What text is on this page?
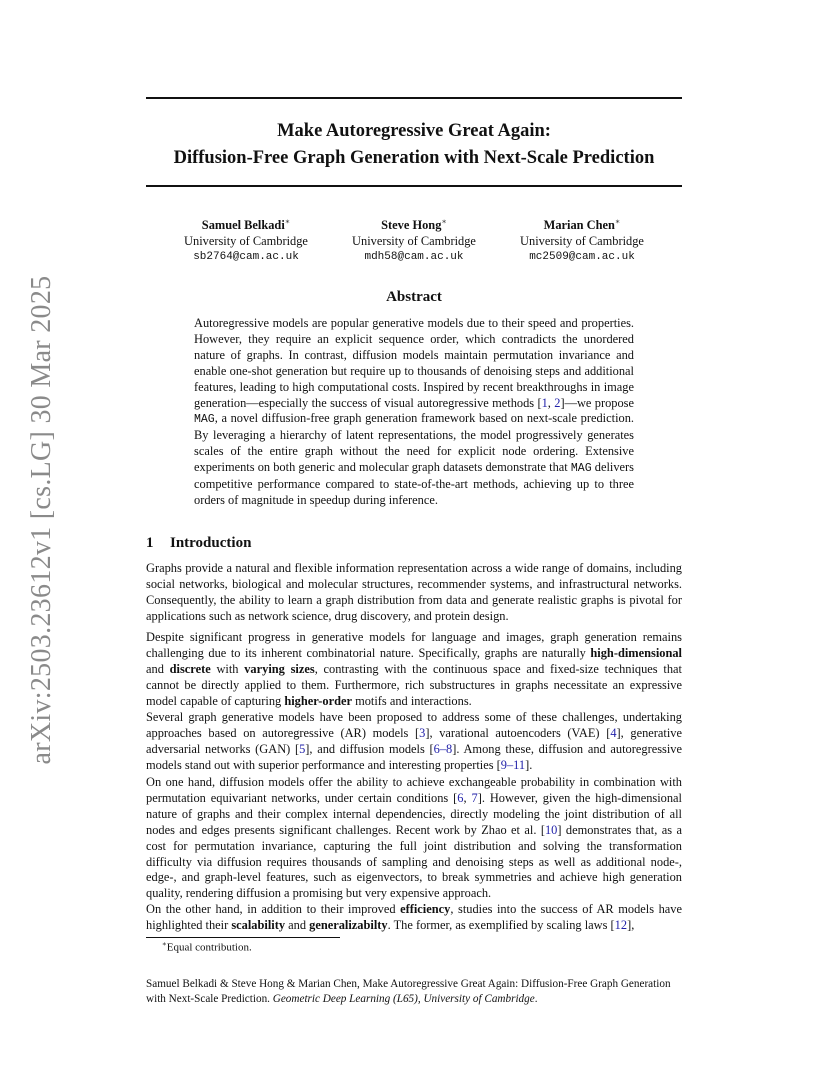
arXiv:2503.23612v1 [cs.LG] 30 Mar 2025
Make Autoregressive Great Again:
Diffusion-Free Graph Generation with Next-Scale Prediction
Samuel Belkadi∗
University of Cambridge
sb2764@cam.ac.uk
Steve Hong∗
University of Cambridge
mdh58@cam.ac.uk
Marian Chen∗
University of Cambridge
mc2509@cam.ac.uk
Abstract

Autoregressive models are popular generative models due to their speed and properties. However, they require an explicit sequence order, which contradicts the unordered nature of graphs. In contrast, diffusion models maintain permutation invariance and enable one-shot generation but require up to thousands of denoising steps and additional features, leading to high computational costs. Inspired by recent breakthroughs in image generation—especially the success of visual autoregressive methods [1, 2]—we propose MAG, a novel diffusion-free graph generation framework based on next-scale prediction. By leveraging a hierarchy of latent representations, the model progressively generates scales of the entire graph without the need for explicit node ordering. Extensive experiments on both generic and molecular graph datasets demonstrate that MAG delivers competitive performance compared to state-of-the-art methods, achieving up to three orders of magnitude in speedup during inference.

1 Introduction

Graphs provide a natural and flexible information representation across a wide range of domains, including social networks, biological and molecular structures, recommender systems, and infrastructural networks. Consequently, the ability to learn a graph distribution from data and generate realistic graphs is pivotal for applications such as network science, drug discovery, and protein design.

Despite significant progress in generative models for language and images, graph generation remains challenging due to its inherent combinatorial nature. Specifically, graphs are naturally high-dimensional and discrete with varying sizes, contrasting with the continuous space and fixed-size techniques that cannot be directly applied to them. Furthermore, rich substructures in graphs necessitate an expressive model capable of capturing higher-order motifs and interactions.

Several graph generative models have been proposed to address some of these challenges, undertaking approaches based on autoregressive (AR) models [3], varational autoencoders (VAE) [4], generative adversarial networks (GAN) [5], and diffusion models [6–8]. Among these, diffusion and autoregressive models stand out with superior performance and interesting properties [9–11].

On one hand, diffusion models offer the ability to achieve exchangeable probability in combination with permutation equivariant networks, under certain conditions [6, 7]. However, given the high-dimensional nature of graphs and their complex internal dependencies, directly modeling the joint distribution of all nodes and edges presents significant challenges. Recent work by Zhao et al. [10] demonstrates that, as a cost for permutation invariance, capturing the full joint distribution and solving the transformation difficulty via diffusion requires thousands of sampling and denoising steps as well as additional node-, edge-, and graph-level features, such as eigenvectors, to break symmetries and achieve high generation quality, rendering diffusion a promising but very expensive approach.

On the other hand, in addition to their improved efficiency, studies into the success of AR models have highlighted their scalability and generalizabilty. The former, as exemplified by scaling laws [12],

∗Equal contribution.

Samuel Belkadi & Steve Hong & Marian Chen, Make Autoregressive Great Again: Diffusion-Free Graph Generation with Next-Scale Prediction. Geometric Deep Learning (L65), University of Cambridge.
